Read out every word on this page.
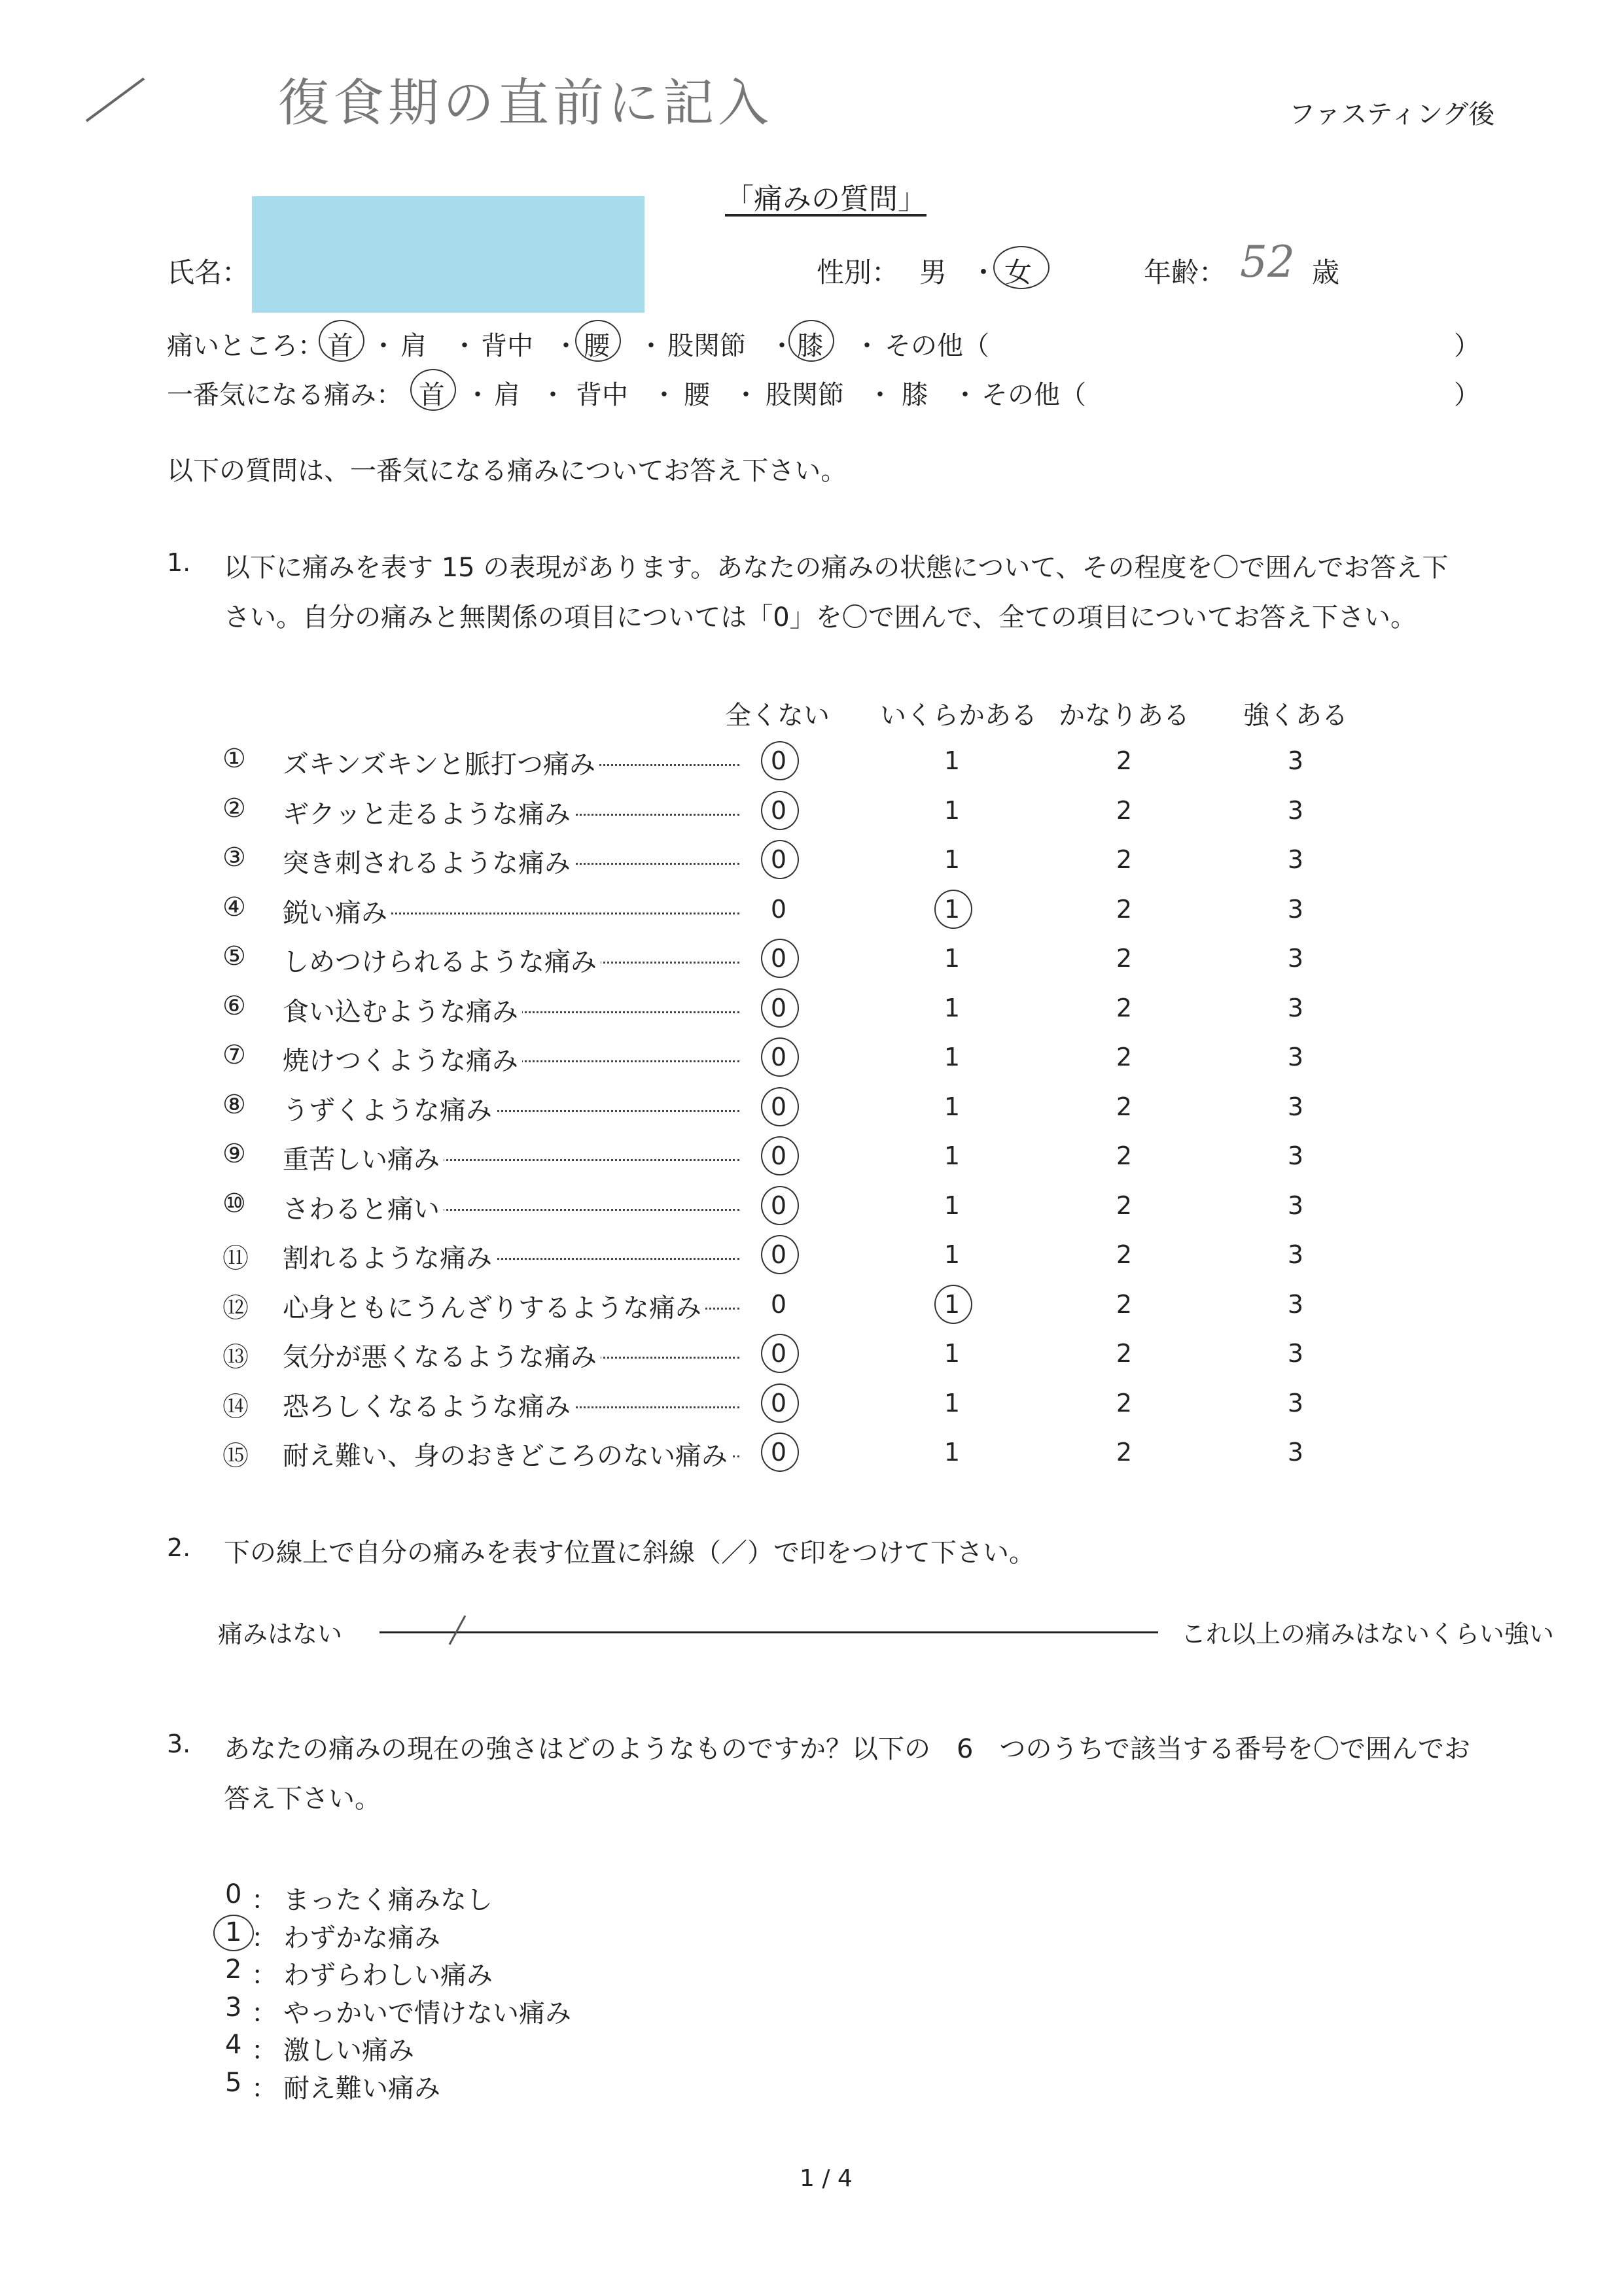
復食期の直前に記入	ファスティング後
「痛みの質問」
氏名：	性別： 男 ・ 女	年齢： 52 歳
痛いところ： 首 肩 背中 腰 股関節 膝 その他（
・ ・	・ ・	・ ・	）
一番気になる痛み： 首 肩 背中 腰 股関節 膝 その他（
・ ・	・ ・	・ ・	）
以下の質問は、一番気になる痛みについてお答え下さい。
1. 以下に痛みを表す 15 の表現があります。あなたの痛みの状態について、その程度を〇で囲んでお答え下
さい。自分の痛みと無関係の項目については「0」を〇で囲んで、全ての項目についてお答え下さい。
全くない いくらかある かなりある 強くある
① ズキンズキンと脈打つ痛み	0	1	2	3
② ギクッと走るような痛み	0	1	2	3
③ 突き刺されるような痛み	0	1	2	3
④ 鋭い痛み	0	1	2	3
⑤ しめつけられるような痛み	0	1	2	3
⑥ 食い込むような痛み	0	1	2	3
⑦ 焼けつくような痛み	0	1	2	3
⑧ うずくような痛み	0	1	2	3
⑨ 重苦しい痛み	0	1	2	3
⑩ さわると痛い	0	1	2	3
⑪ 割れるような痛み	0	1	2	3
⑫ 心身ともにうんざりするような痛み	0	1	2	3
⑬ 気分が悪くなるような痛み	0	1	2	3
⑭ 恐ろしくなるような痛み	0	1	2	3
⑮ 耐え難い、身のおきどころのない痛み	0	1	2	3
2. 下の線上で自分の痛みを表す位置に斜線（／）で印をつけて下さい。
痛みはない	これ以上の痛みはないくらい強い
3. あなたの痛みの現在の強さはどのようなものですか？以下の　6　つのうちで該当する番号を〇で囲んでお
答え下さい。
0 ： まったく痛みなし
1 ： わずかな痛み
2 ： わずらわしい痛み
3 ： やっかいで情けない痛み
4 ： 激しい痛み
5 ： 耐え難い痛み
1 / 4
